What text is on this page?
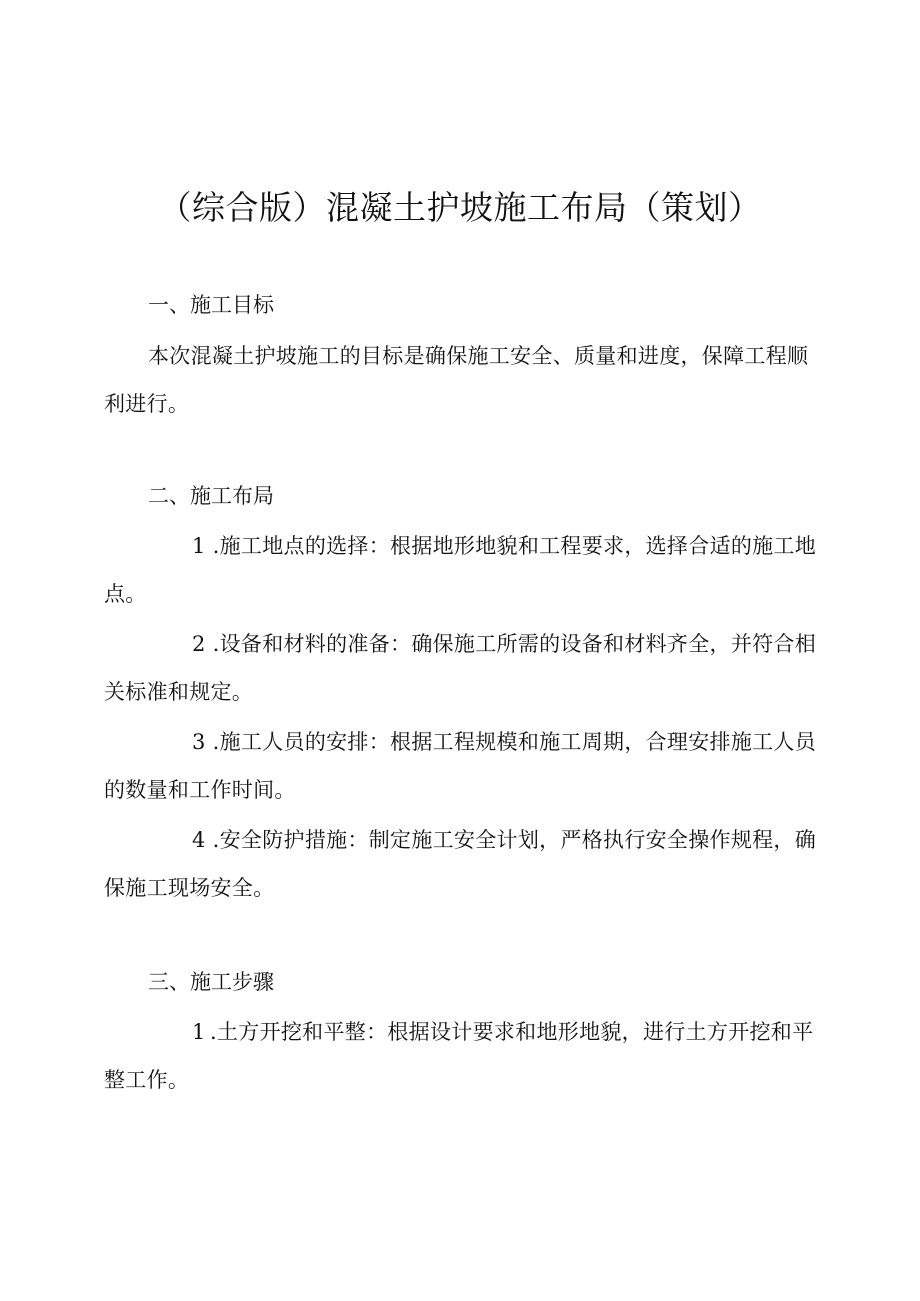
（综合版）混凝土护坡施工布局（策划）
一、施工目标

本次混凝土护坡施工的目标是确保施工安全、质量和进度，保障工程顺利进行。

二、施工布局

1 .施工地点的选择：根据地形地貌和工程要求，选择合适的施工地点。

2 .设备和材料的准备：确保施工所需的设备和材料齐全，并符合相关标准和规定。

3 .施工人员的安排：根据工程规模和施工周期，合理安排施工人员的数量和工作时间。

4 .安全防护措施：制定施工安全计划，严格执行安全操作规程，确保施工现场安全。

三、施工步骤

1 .土方开挖和平整：根据设计要求和地形地貌，进行土方开挖和平整工作。
